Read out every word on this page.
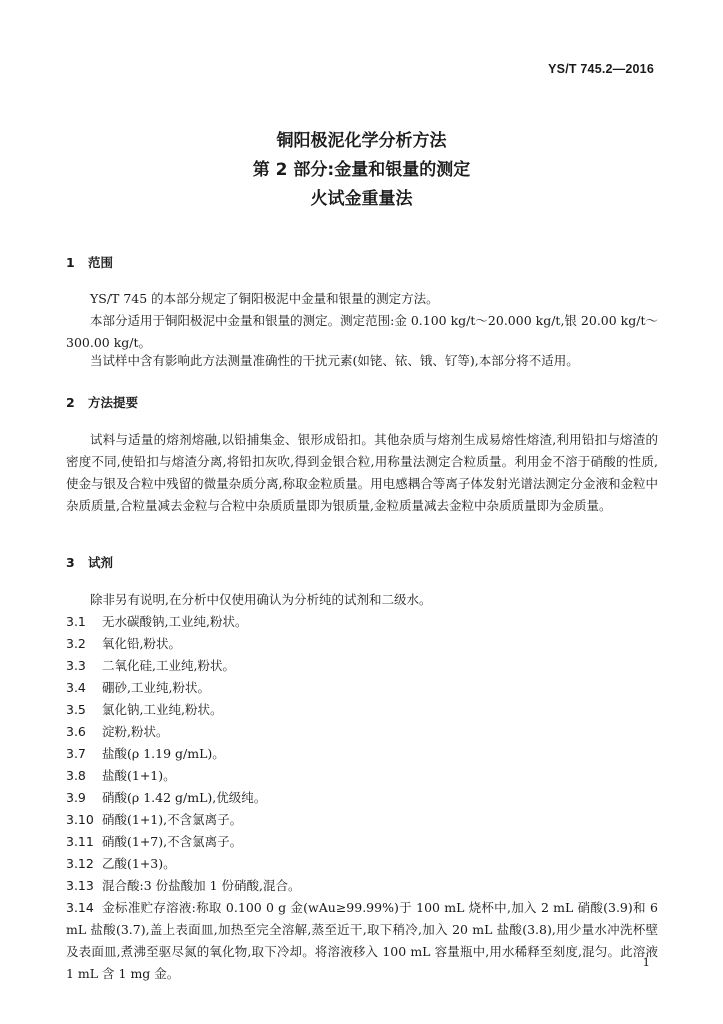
YS/T 745.2—2016
铜阳极泥化学分析方法
第 2 部分:金量和银量的测定
火试金重量法
1 范围
YS/T 745 的本部分规定了铜阳极泥中金量和银量的测定方法。
本部分适用于铜阳极泥中金量和银量的测定。测定范围:金 0.100 kg/t～20.000 kg/t,银 20.00 kg/t～300.00 kg/t。
当试样中含有影响此方法测量准确性的干扰元素(如铑、铱、锇、钌等),本部分将不适用。
2 方法提要
试料与适量的熔剂熔融,以铅捕集金、银形成铅扣。其他杂质与熔剂生成易熔性熔渣,利用铅扣与熔渣的密度不同,使铅扣与熔渣分离,将铅扣灰吹,得到金银合粒,用称量法测定合粒质量。利用金不溶于硝酸的性质,使金与银及合粒中残留的微量杂质分离,称取金粒质量。用电感耦合等离子体发射光谱法测定分金液和金粒中杂质质量,合粒量减去金粒与合粒中杂质质量即为银质量,金粒质量减去金粒中杂质质量即为金质量。
3 试剂
除非另有说明,在分析中仅使用确认为分析纯的试剂和二级水。
3.1 无水碳酸钠,工业纯,粉状。
3.2 氧化铅,粉状。
3.3 二氧化硅,工业纯,粉状。
3.4 硼砂,工业纯,粉状。
3.5 氯化钠,工业纯,粉状。
3.6 淀粉,粉状。
3.7 盐酸(ρ 1.19 g/mL)。
3.8 盐酸(1+1)。
3.9 硝酸(ρ 1.42 g/mL),优级纯。
3.10 硝酸(1+1),不含氯离子。
3.11 硝酸(1+7),不含氯离子。
3.12 乙酸(1+3)。
3.13 混合酸:3 份盐酸加 1 份硝酸,混合。
3.14 金标准贮存溶液:称取 0.100 0 g 金(wAu≥99.99%)于 100 mL 烧杯中,加入 2 mL 硝酸(3.9)和 6 mL 盐酸(3.7),盖上表面皿,加热至完全溶解,蒸至近干,取下稍冷,加入 20 mL 盐酸(3.8),用少量水冲洗杯壁及表面皿,煮沸至驱尽氮的氧化物,取下冷却。将溶液移入 100 mL 容量瓶中,用水稀释至刻度,混匀。此溶液 1 mL 含 1 mg 金。
1
